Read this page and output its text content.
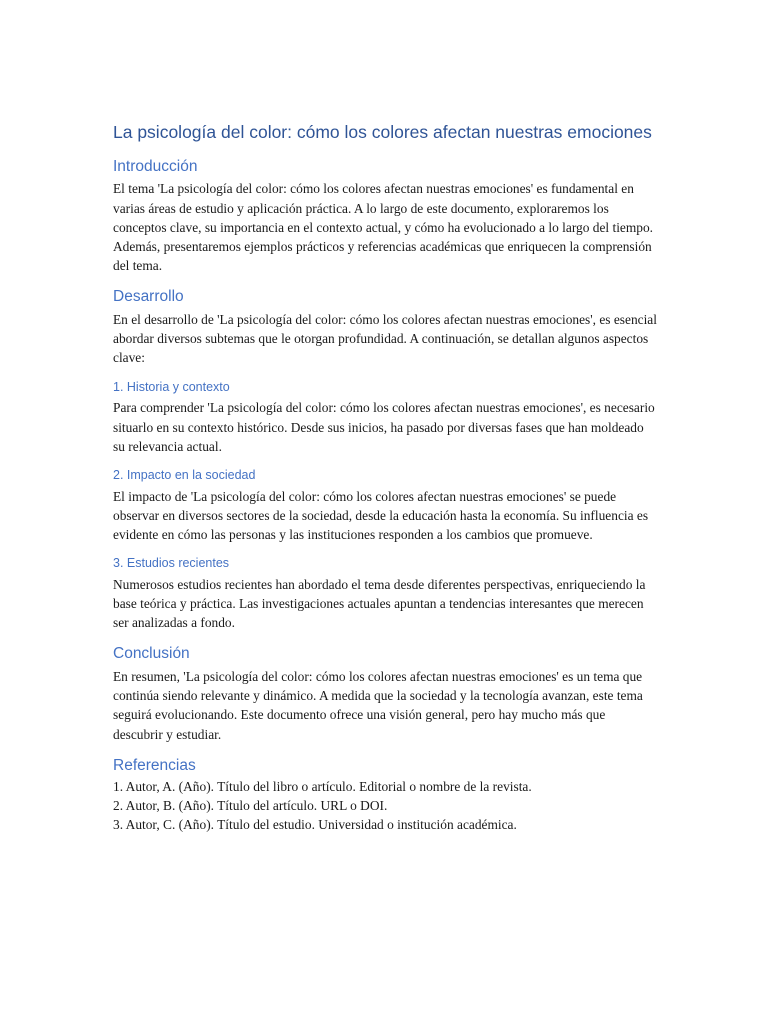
La psicología del color: cómo los colores afectan nuestras emociones
Introducción

El tema 'La psicología del color: cómo los colores afectan nuestras emociones' es fundamental en varias áreas de estudio y aplicación práctica. A lo largo de este documento, exploraremos los conceptos clave, su importancia en el contexto actual, y cómo ha evolucionado a lo largo del tiempo. Además, presentaremos ejemplos prácticos y referencias académicas que enriquecen la comprensión del tema.

Desarrollo

En el desarrollo de 'La psicología del color: cómo los colores afectan nuestras emociones', es esencial abordar diversos subtemas que le otorgan profundidad. A continuación, se detallan algunos aspectos clave:

1. Historia y contexto

Para comprender 'La psicología del color: cómo los colores afectan nuestras emociones', es necesario situarlo en su contexto histórico. Desde sus inicios, ha pasado por diversas fases que han moldeado su relevancia actual.

2. Impacto en la sociedad

El impacto de 'La psicología del color: cómo los colores afectan nuestras emociones' se puede observar en diversos sectores de la sociedad, desde la educación hasta la economía. Su influencia es evidente en cómo las personas y las instituciones responden a los cambios que promueve.

3. Estudios recientes

Numerosos estudios recientes han abordado el tema desde diferentes perspectivas, enriqueciendo la base teórica y práctica. Las investigaciones actuales apuntan a tendencias interesantes que merecen ser analizadas a fondo.

Conclusión

En resumen, 'La psicología del color: cómo los colores afectan nuestras emociones' es un tema que continúa siendo relevante y dinámico. A medida que la sociedad y la tecnología avanzan, este tema seguirá evolucionando. Este documento ofrece una visión general, pero hay mucho más que descubrir y estudiar.

Referencias
1. Autor, A. (Año). Título del libro o artículo. Editorial o nombre de la revista.
2. Autor, B. (Año). Título del artículo. URL o DOI.
3. Autor, C. (Año). Título del estudio. Universidad o institución académica.
